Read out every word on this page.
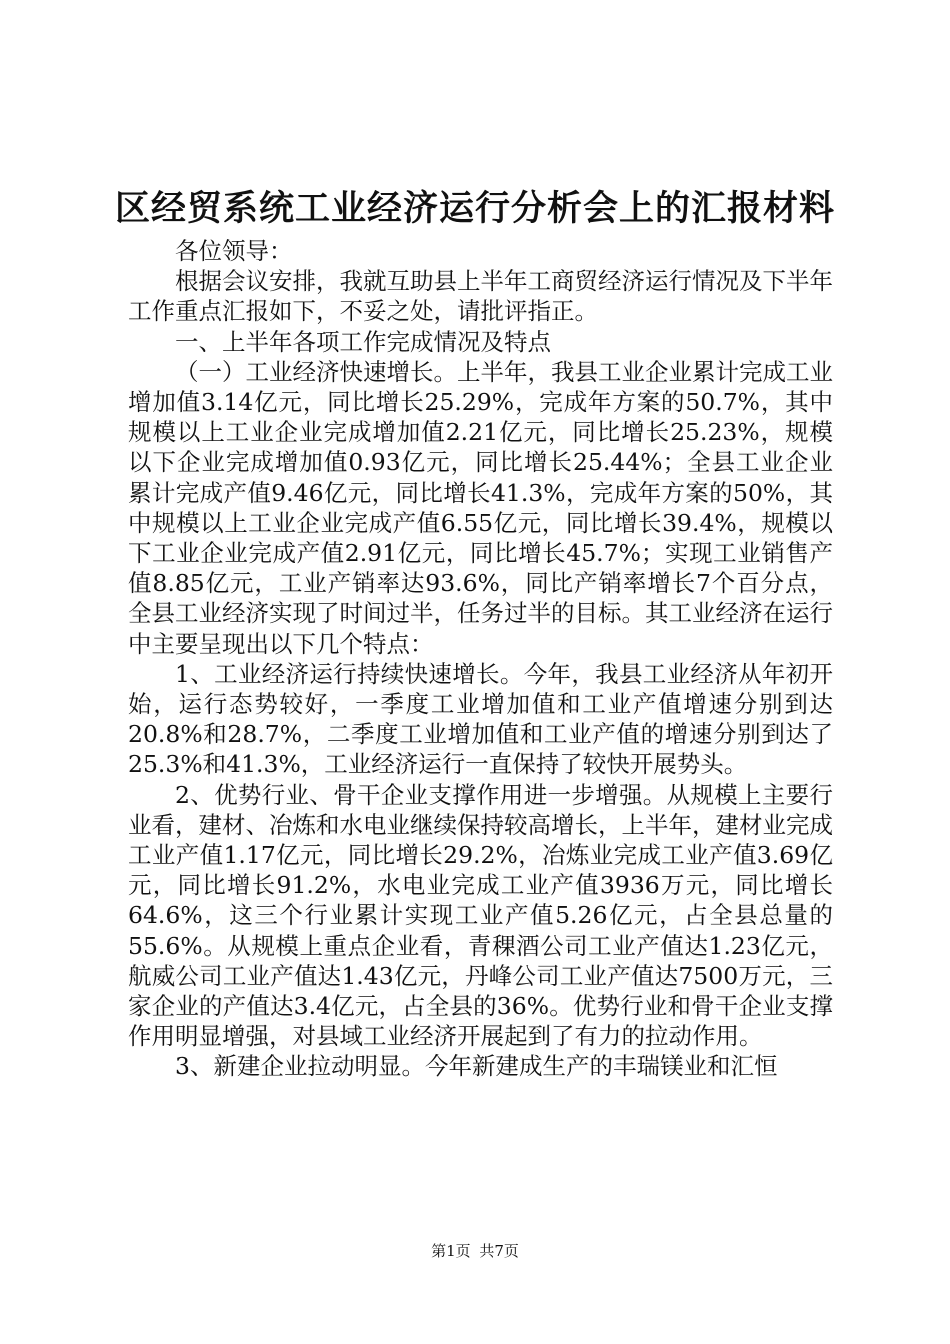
区经贸系统工业经济运行分析会上的汇报材料

各位领导：

根据会议安排，我就互助县上半年工商贸经济运行情况及下半年工作重点汇报如下，不妥之处，请批评指正。

一、上半年各项工作完成情况及特点

（一）工业经济快速增长。上半年，我县工业企业累计完成工业增加值3.14亿元，同比增长25.29%，完成年方案的50.7%，其中规模以上工业企业完成增加值2.21亿元，同比增长25.23%，规模以下企业完成增加值0.93亿元，同比增长25.44%；全县工业企业累计完成产值9.46亿元，同比增长41.3%，完成年方案的50%，其中规模以上工业企业完成产值6.55亿元，同比增长39.4%，规模以下工业企业完成产值2.91亿元，同比增长45.7%；实现工业销售产值8.85亿元，工业产销率达93.6%，同比产销率增长7个百分点，全县工业经济实现了时间过半，任务过半的目标。其工业经济在运行中主要呈现出以下几个特点：

1、工业经济运行持续快速增长。今年，我县工业经济从年初开始，运行态势较好，一季度工业增加值和工业产值增速分别到达20.8%和28.7%，二季度工业增加值和工业产值的增速分别到达了25.3%和41.3%，工业经济运行一直保持了较快开展势头。

2、优势行业、骨干企业支撑作用进一步增强。从规模上主要行业看，建材、冶炼和水电业继续保持较高增长，上半年，建材业完成工业产值1.17亿元，同比增长29.2%，冶炼业完成工业产值3.69亿元，同比增长91.2%，水电业完成工业产值3936万元，同比增长64.6%，这三个行业累计实现工业产值5.26亿元，占全县总量的55.6%。从规模上重点企业看，青稞酒公司工业产值达1.23亿元，航威公司工业产值达1.43亿元，丹峰公司工业产值达7500万元，三家企业的产值达3.4亿元，占全县的36%。优势行业和骨干企业支撑作用明显增强，对县域工业经济开展起到了有力的拉动作用。

3、新建企业拉动明显。今年新建成生产的丰瑞镁业和汇恒

第1页 共7页
